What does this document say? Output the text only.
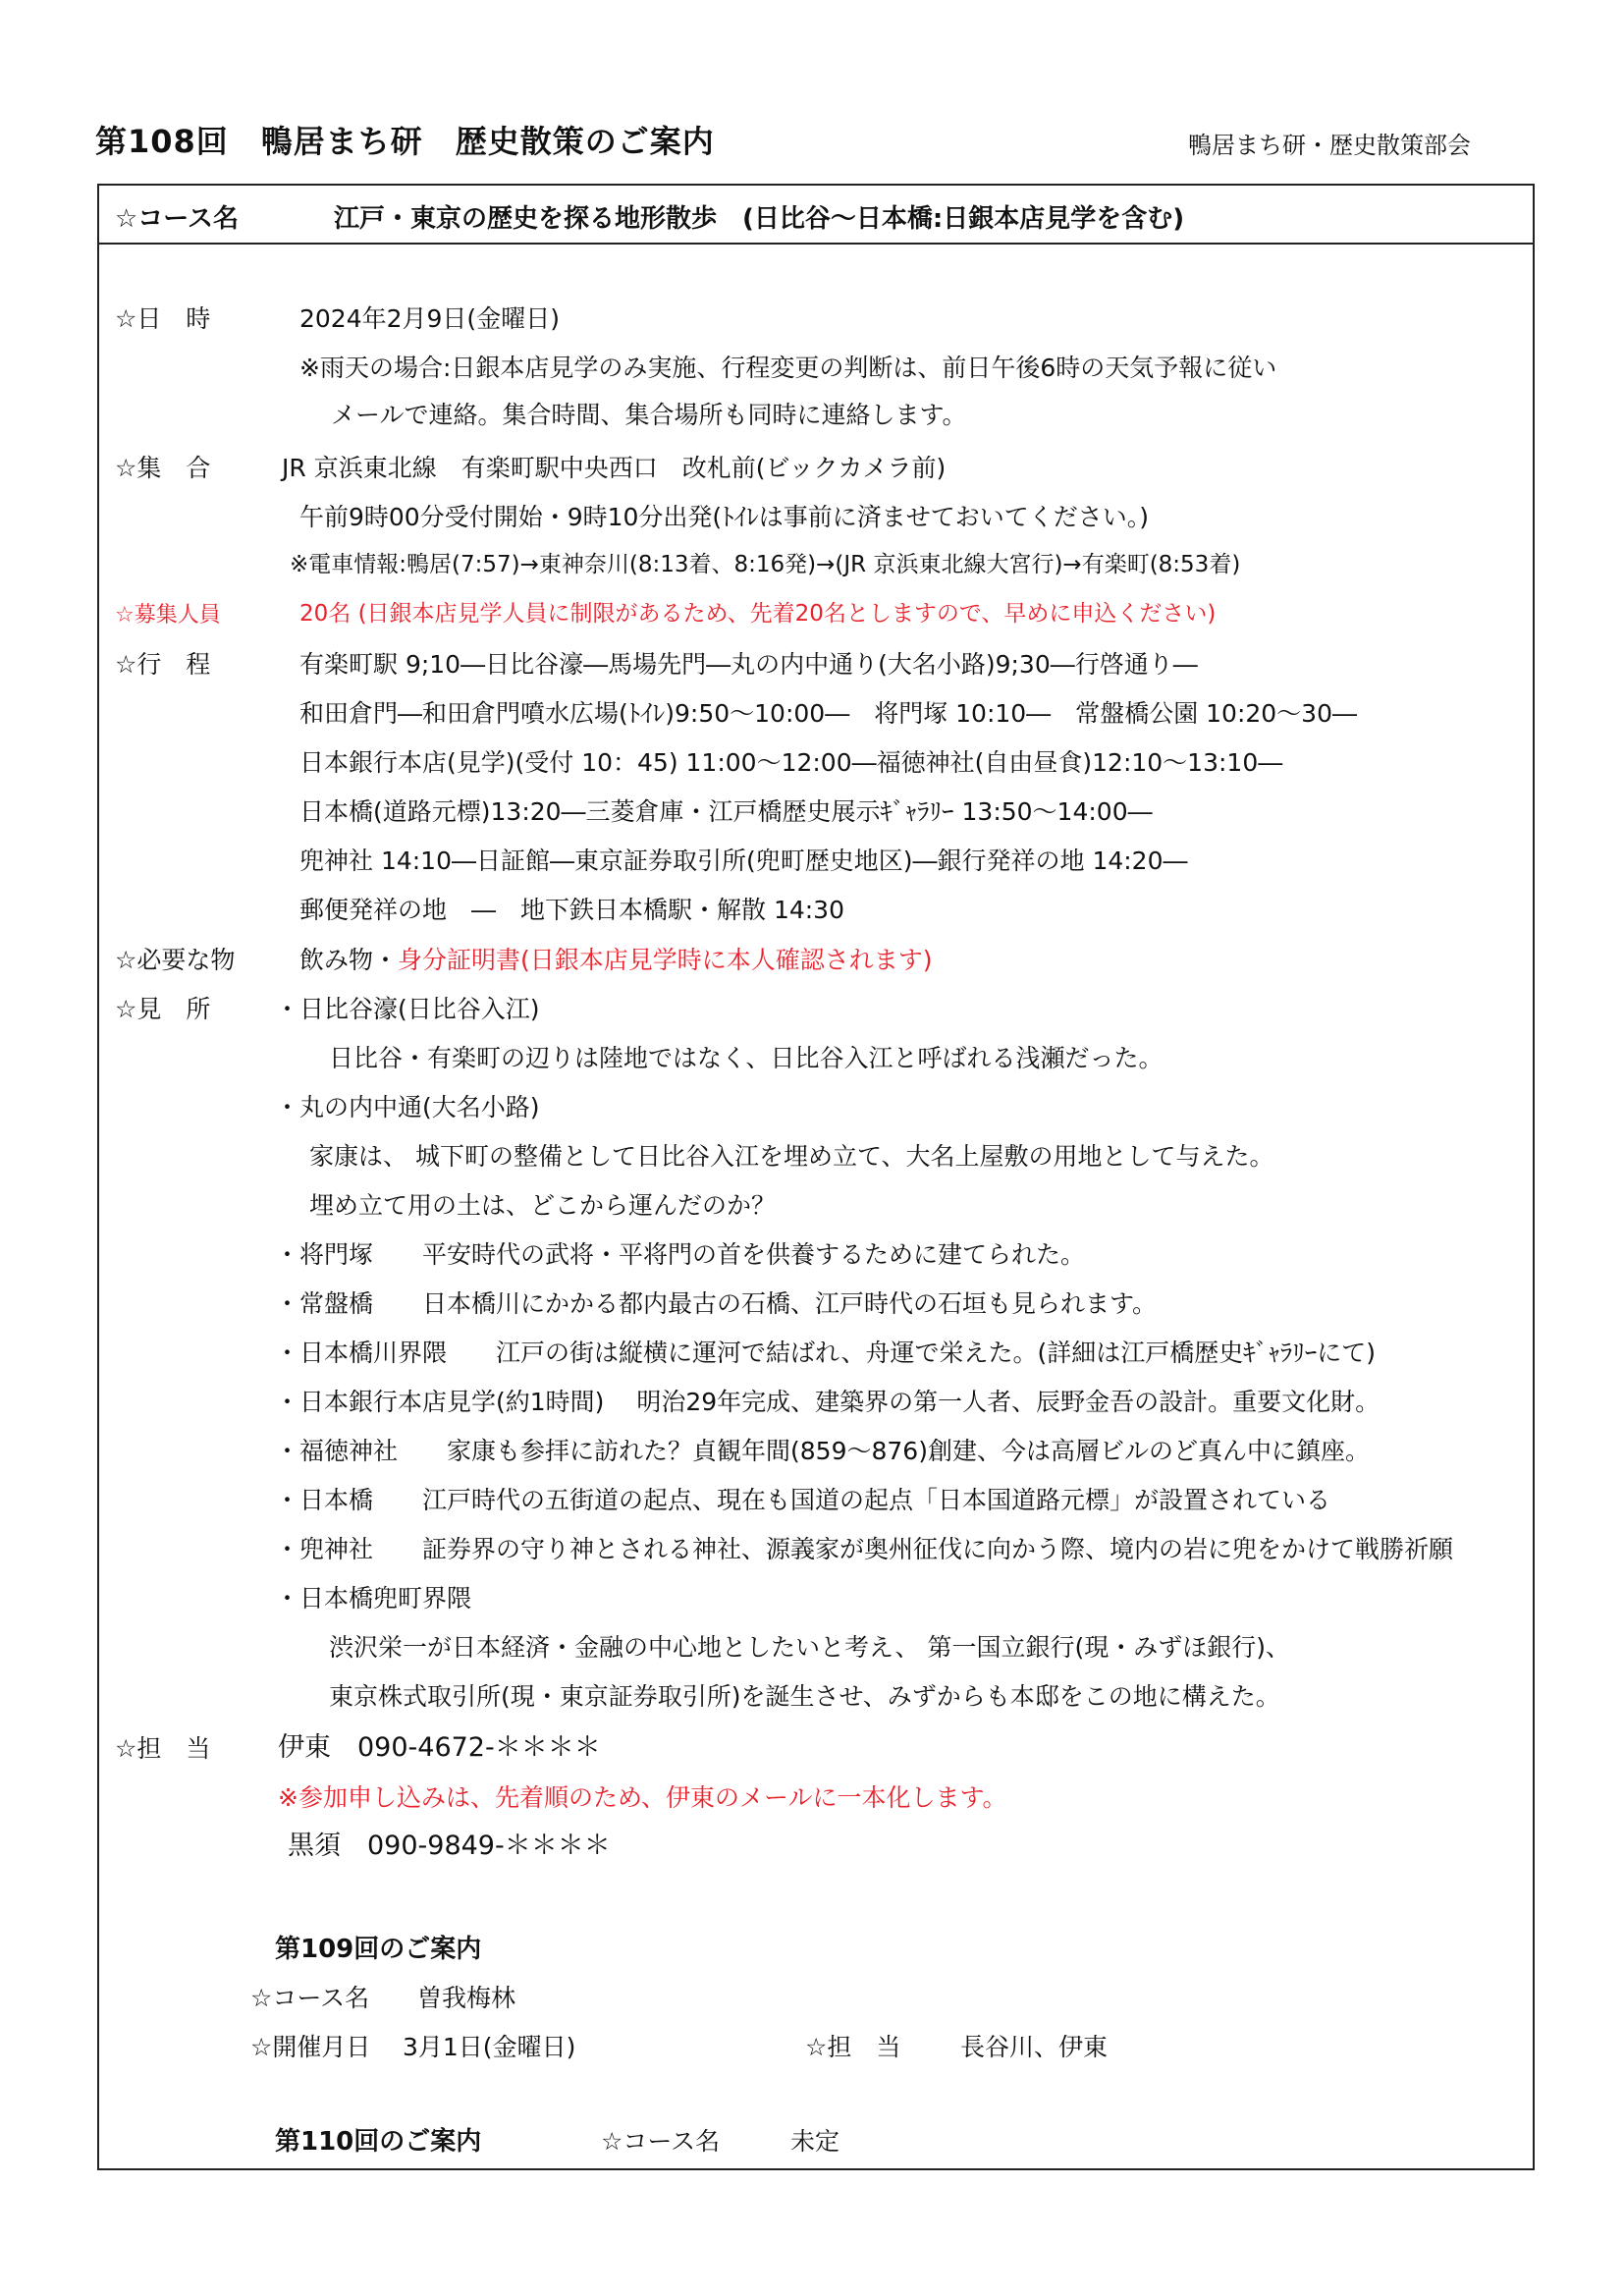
第108回　鴨居まち研　歴史散策のご案内	鴨居まち研・歴史散策部会
☆コース名	江戸・東京の歴史を探る地形散歩　(日比谷～日本橋:日銀本店見学を含む)
☆日　時	2024年2月9日(金曜日)
※雨天の場合:日銀本店見学のみ実施、行程変更の判断は、前日午後6時の天気予報に従い
メールで連絡。集合時間、集合場所も同時に連絡します。
☆集　合	JR 京浜東北線　有楽町駅中央西口　改札前(ビックカメラ前)
午前9時00分受付開始・9時10分出発(ﾄｲﾚは事前に済ませておいてください。)
※電車情報:鴨居(7:57)→東神奈川(8:13着、8:16発)→(JR 京浜東北線大宮行)→有楽町(8:53着)
☆募集人員	20名 (日銀本店見学人員に制限があるため、先着20名としますので、早めに申込ください)
☆行　程	有楽町駅 9;10―日比谷濠―馬場先門―丸の内中通り(大名小路)9;30―行啓通り―
和田倉門―和田倉門噴水広場(ﾄｲﾚ)9:50～10:00―　将門塚 10:10―　常盤橋公園 10:20～30―
日本銀行本店(見学)(受付 10：45) 11:00～12:00―福徳神社(自由昼食)12:10～13:10―
日本橋(道路元標)13:20―三菱倉庫・江戸橋歴史展示ｷﾞｬﾗﾘｰ 13:50～14:00―
兜神社 14:10―日証館―東京証券取引所(兜町歴史地区)―銀行発祥の地 14:20―
郵便発祥の地　―　地下鉄日本橋駅・解散 14:30
☆必要な物	飲み物・身分証明書(日銀本店見学時に本人確認されます)
☆見　所	・日比谷濠(日比谷入江)
日比谷・有楽町の辺りは陸地ではなく、日比谷入江と呼ばれる浅瀬だった。
・丸の内中通(大名小路)
家康は、 城下町の整備として日比谷入江を埋め立て、大名上屋敷の用地として与えた。
埋め立て用の土は、どこから運んだのか？
・将門塚　　平安時代の武将・平将門の首を供養するために建てられた。
・常盤橋　　日本橋川にかかる都内最古の石橋、江戸時代の石垣も見られます。
・日本橋川界隈　　江戸の街は縦横に運河で結ばれ、舟運で栄えた。(詳細は江戸橋歴史ｷﾞｬﾗﾘｰにて)
・日本銀行本店見学(約1時間)　 明治29年完成、建築界の第一人者、辰野金吾の設計。重要文化財。
・福徳神社　　家康も参拝に訪れた？貞観年間(859～876)創建、今は高層ビルのど真ん中に鎮座。
・日本橋　　江戸時代の五街道の起点、現在も国道の起点「日本国道路元標」が設置されている
・兜神社　　証券界の守り神とされる神社、源義家が奥州征伐に向かう際、境内の岩に兜をかけて戦勝祈願
・日本橋兜町界隈
渋沢栄一が日本経済・金融の中心地としたいと考え、 第一国立銀行(現・みずほ銀行)、
東京株式取引所(現・東京証券取引所)を誕生させ、みずからも本邸をこの地に構えた。
☆担　当	伊東　090-4672-＊＊＊＊
※参加申し込みは、先着順のため、伊東のメールに一本化します。
黒須　090-9849-＊＊＊＊
第109回のご案内
☆コース名 曽我梅林
☆開催月日 3月1日(金曜日)	☆担　当 長谷川、伊東
第110回のご案内	☆コース名	未定
